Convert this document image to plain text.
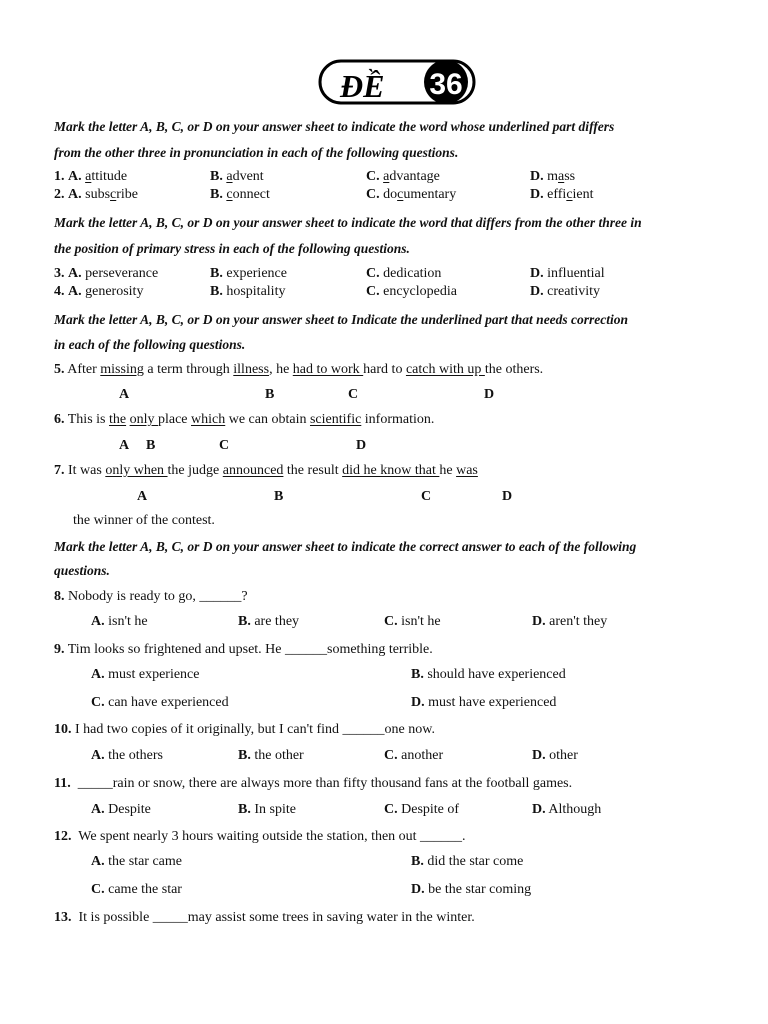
ĐỀ 36
Mark the letter A, B, C, or D on your answer sheet to indicate the word whose underlined part differs
from the other three in pronunciation in each of the following questions.
1. A. attitude	B. advent	C. advantage	D. mass
2. A. subscribe	B. connect	C. documentary	D. efficient
Mark the letter A, B, C, or D on your answer sheet to indicate the word that differs from the other three in
the position of primary stress in each of the following questions.
3. A. perseverance	B. experience	C. dedication	D. influential
4. A. generosity	B. hospitality	C. encyclopedia	D. creativity
Mark the letter A, B, C, or D on your answer sheet to Indicate the underlined part that needs correction
in each of the following questions.
5. After missing a term through illness, he had to work hard to catch with up the others.
A	B	C	D
6. This is the only place which we can obtain scientific information.
A B	C	D
7. It was only when the judge announced the result did he know that he was
A	B	C	D
the winner of the contest.
Mark the letter A, B, C, or D on your answer sheet to indicate the correct answer to each of the following
questions.
8. Nobody is ready to go, ______?
A. isn't he	B. are they	C. isn't he	D. aren't they
9. Tim looks so frightened and upset. He ______something terrible.
A. must experience	B. should have experienced
C. can have experienced	D. must have experienced
10. I had two copies of it originally, but I can't find ______one now.
A. the others	B. the other	C. another	D. other
11. _____rain or snow, there are always more than fifty thousand fans at the football games.
A. Despite	B. In spite	C. Despite of	D. Although
12. We spent nearly 3 hours waiting outside the station, then out ______.
A. the star came	B. did the star come
C. came the star	D. be the star coming
13. It is possible _____may assist some trees in saving water in the winter.
